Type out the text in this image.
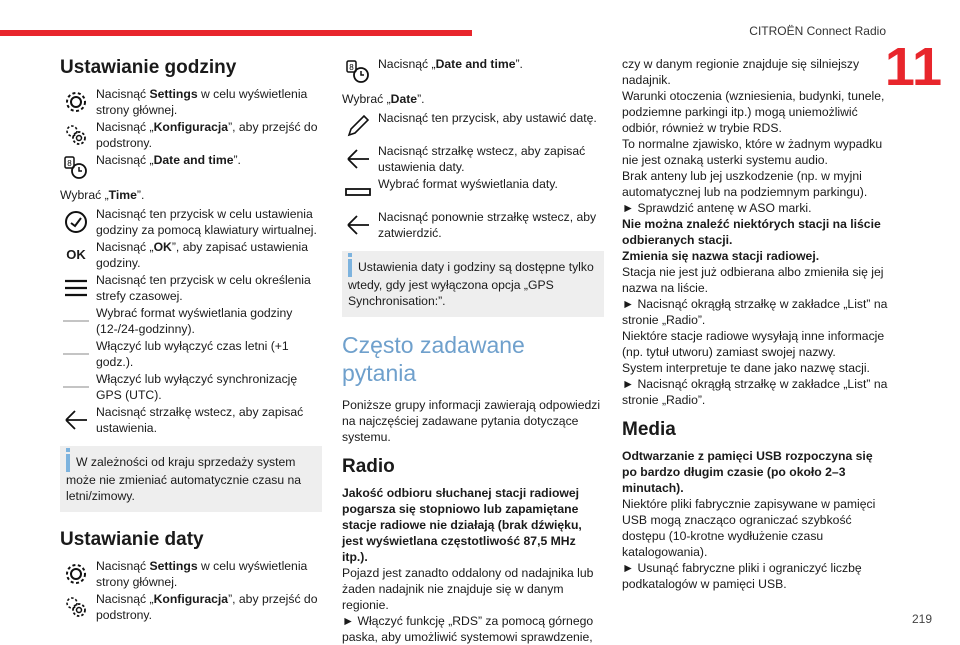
CITROËN Connect Radio
11
219
Ustawianie godziny
Nacisnąć Settings w celu wyświetlenia strony głównej.
Nacisnąć „Konfiguracja”, aby przejść do podstrony.
8 Nacisnąć „Date and time”.

Wybrać „Time”.

Nacisnąć ten przycisk w celu ustawienia godziny za pomocą klawiatury wirtualnej.
OK Nacisnąć „OK”, aby zapisać ustawienia godziny.
Nacisnąć ten przycisk w celu określenia strefy czasowej.
Wybrać format wyświetlania godziny (12-/24-godzinny).
Włączyć lub wyłączyć czas letni (+1 godz.).
Włączyć lub wyłączyć synchronizację GPS (UTC).
Nacisnąć strzałkę wstecz, aby zapisać ustawienia.
W zależności od kraju sprzedaży system może nie zmieniać automatycznie czasu na letni/zimowy.
Ustawianie daty
Nacisnąć Settings w celu wyświetlenia strony głównej.
Nacisnąć „Konfiguracja”, aby przejść do podstrony.
8 Nacisnąć „Date and time”.

Wybrać „Date”.

Nacisnąć ten przycisk, aby ustawić datę.
Nacisnąć strzałkę wstecz, aby zapisać ustawienia daty.
Wybrać format wyświetlania daty.
Nacisnąć ponownie strzałkę wstecz, aby zatwierdzić.
Ustawienia daty i godziny są dostępne tylko wtedy, gdy jest wyłączona opcja „GPS Synchronisation:”.
Często zadawane pytania

Poniższe grupy informacji zawierają odpowiedzi na najczęściej zadawane pytania dotyczące systemu.

Radio

Jakość odbioru słuchanej stacji radiowej pogarsza się stopniowo lub zapamiętane stacje radiowe nie działają (brak dźwięku, jest wyświetlana częstotliwość 87,5 MHz itp.).

Pojazd jest zanadto oddalony od nadajnika lub żaden nadajnik nie znajduje się w danym regionie.

► Włączyć funkcję „RDS” za pomocą górnego paska, aby umożliwić systemowi sprawdzenie,

czy w danym regionie znajduje się silniejszy nadajnik.

Warunki otoczenia (wzniesienia, budynki, tunele, podziemne parkingi itp.) mogą uniemożliwić odbiór, również w trybie RDS.

To normalne zjawisko, które w żadnym wypadku nie jest oznaką usterki systemu audio.

Brak anteny lub jej uszkodzenie (np. w myjni automatycznej lub na podziemnym parkingu).

► Sprawdzić antenę w ASO marki.

Nie można znaleźć niektórych stacji na liście odbieranych stacji.

Zmienia się nazwa stacji radiowej.

Stacja nie jest już odbierana albo zmieniła się jej nazwa na liście.

► Nacisnąć okrągłą strzałkę w zakładce „List” na stronie „Radio”.

Niektóre stacje radiowe wysyłają inne informacje (np. tytuł utworu) zamiast swojej nazwy.

System interpretuje te dane jako nazwę stacji.

► Nacisnąć okrągłą strzałkę w zakładce „List” na stronie „Radio”.

Media

Odtwarzanie z pamięci USB rozpoczyna się po bardzo długim czasie (po około 2–3 minutach).

Niektóre pliki fabrycznie zapisywane w pamięci USB mogą znacząco ograniczać szybkość dostępu (10-krotne wydłużenie czasu katalogowania).

► Usunąć fabryczne pliki i ograniczyć liczbę podkatalogów w pamięci USB.
